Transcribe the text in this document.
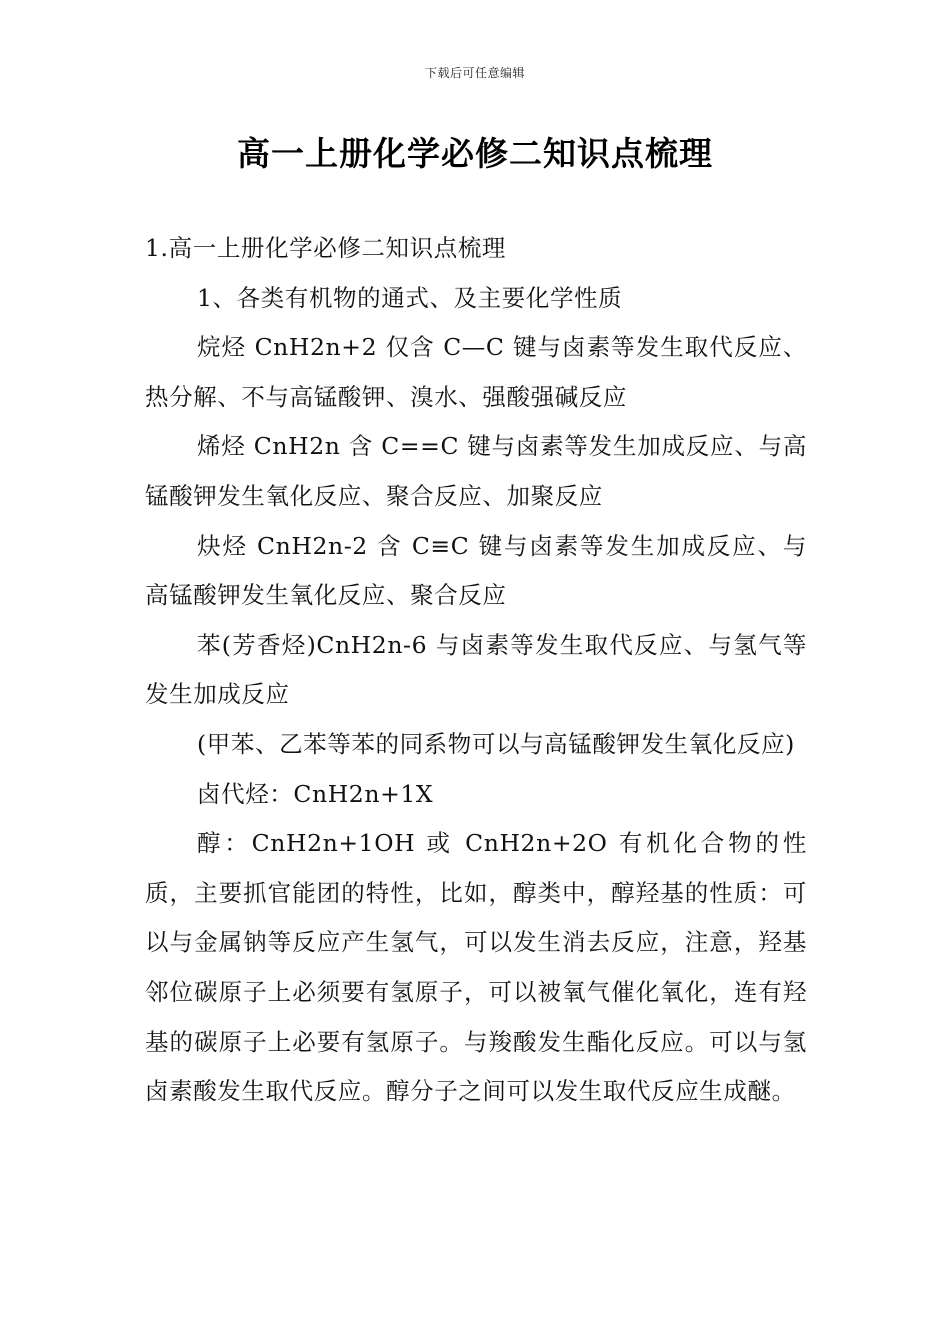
下载后可任意编辑
高一上册化学必修二知识点梳理

1.高一上册化学必修二知识点梳理

1、各类有机物的通式、及主要化学性质

烷烃 CnH2n+2 仅含 C—C 键与卤素等发生取代反应、热分解、不与高锰酸钾、溴水、强酸强碱反应

烯烃 CnH2n 含 C==C 键与卤素等发生加成反应、与高锰酸钾发生氧化反应、聚合反应、加聚反应

炔烃 CnH2n-2 含 C≡C 键与卤素等发生加成反应、与高锰酸钾发生氧化反应、聚合反应

苯(芳香烃)CnH2n-6 与卤素等发生取代反应、与氢气等发生加成反应

(甲苯、乙苯等苯的同系物可以与高锰酸钾发生氧化反应)

卤代烃：CnH2n+1X

醇：CnH2n+1OH 或 CnH2n+2O 有机化合物的性质，主要抓官能团的特性，比如，醇类中，醇羟基的性质：可以与金属钠等反应产生氢气，可以发生消去反应，注意，羟基邻位碳原子上必须要有氢原子，可以被氧气催化氧化，连有羟基的碳原子上必要有氢原子。与羧酸发生酯化反应。可以与氢卤素酸发生取代反应。醇分子之间可以发生取代反应生成醚。
